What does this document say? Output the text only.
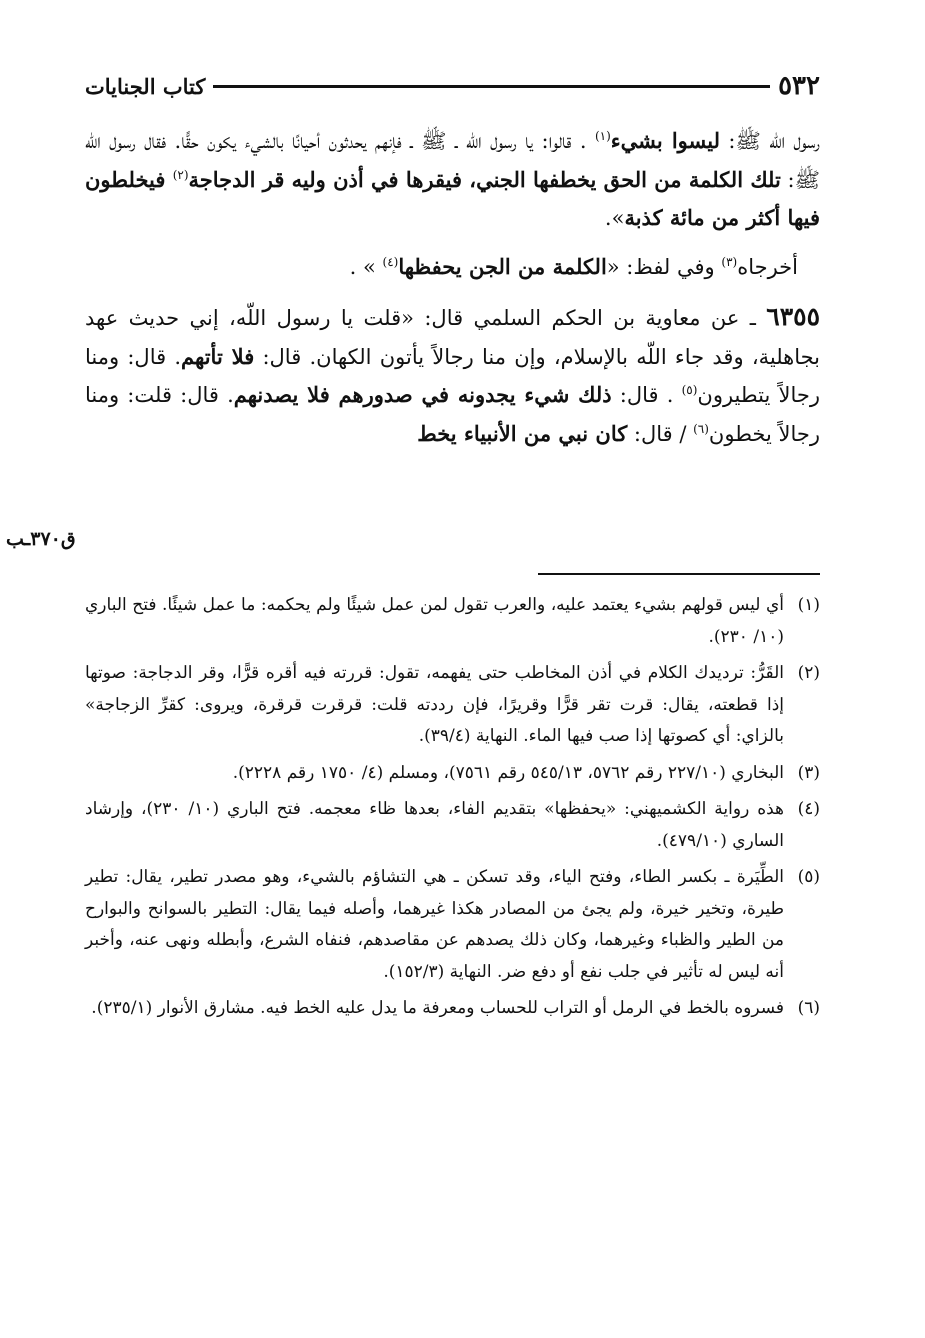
٥٣٢
كتاب الجنايات

رسول اللّه ﷺ: ليسوا بشيء$^{(١)}$ . قالوا: يا رسول اللّه ـ ﷺ ـ فإنهم يحدثون أحيانًا بالشيء يكون حقًّا. فقال رسول اللّه ﷺ: تلك الكلمة من الحق يخطفها الجني، فيقرها في أذن وليه قر الدجاجة$^{(٢)}$ فيخلطون فيها أكثر من مائة كذبة».

أخرجاه$^{(٣)}$ وفي لفظ: «الكلمة من الجن يحفظها$^{(٤)}$ » .

٦٣٥٥ ـ عن معاوية بن الحكم السلمي قال: «قلت يا رسول اللّه، إني حديث عهد بجاهلية، وقد جاء اللّه بالإسلام، وإن منا رجالاً يأتون الكهان. قال: فلا تأتهم. قال: ومنا رجالاً يتطيرون$^{(٥)}$ . قال: ذلك شيء يجدونه في صدورهم فلا يصدنهم. قال: قلت: ومنا رجالاً يخطون$^{(٦)}$ / قال: كان نبي من الأنبياء يخط

ق٣٧٠ـب
(١)
أي ليس قولهم بشيء يعتمد عليه، والعرب تقول لمن عمل شيئًا ولم يحكمه: ما عمل شيئًا. فتح الباري (١٠/ ٢٣٠).
(٢)
القَرُّ: ترديدك الكلام في أذن المخاطب حتى يفهمه، تقول: قررته فيه أقره قرًّا، وقر الدجاجة: صوتها إذا قطعته، يقال: قرت تقر قرًّا وقريرًا، فإن رددته قلت: قرقرت قرقرة، ويروى: كقرِّ الزجاجة» بالزاي: أي كصوتها إذا صب فيها الماء. النهاية (٣٩/٤).
(٣)
البخاري (٢٢٧/١٠ رقم ٥٧٦٢، ٥٤٥/١٣ رقم ٧٥٦١)، ومسلم (٤/ ١٧٥٠ رقم ٢٢٢٨).
(٤)
هذه رواية الكشميهني: «يحفظها» بتقديم الفاء، بعدها ظاء معجمه. فتح الباري (١٠/ ٢٣٠)، وإرشاد الساري (٤٧٩/١٠).
(٥)
الطِّيَرة ـ بكسر الطاء، وفتح الياء، وقد تسكن ـ هي التشاؤم بالشيء، وهو مصدر تطير، يقال: تطير طيرة، وتخير خيرة، ولم يجئ من المصادر هكذا غيرهما، وأصله فيما يقال: التطير بالسوانح والبوارح من الطير والظباء وغيرهما، وكان ذلك يصدهم عن مقاصدهم، فنفاه الشرع، وأبطله ونهى عنه، وأخبر أنه ليس له تأثير في جلب نفع أو دفع ضر. النهاية (١٥٢/٣).
(٦)
فسروه بالخط في الرمل أو التراب للحساب ومعرفة ما يدل عليه الخط فيه. مشارق الأنوار (٢٣٥/١).
